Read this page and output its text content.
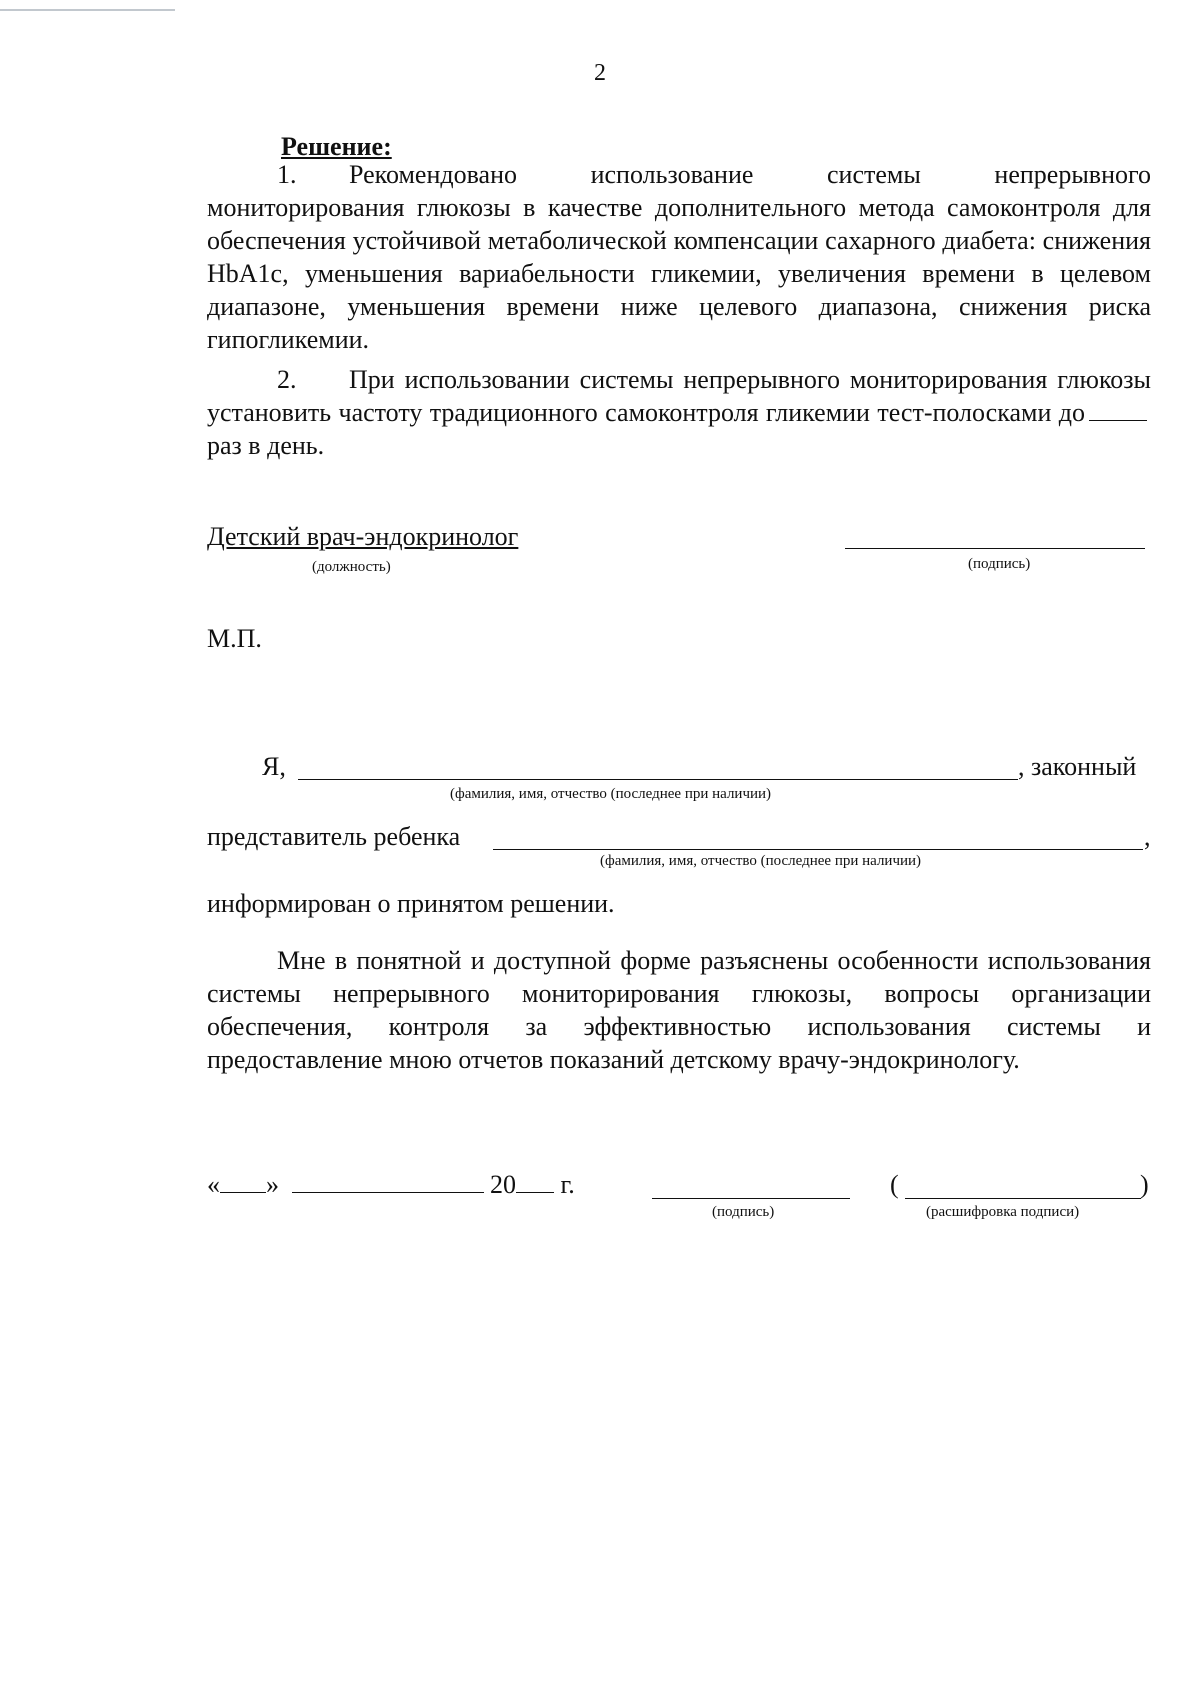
2
Решение:
1. Рекомендовано использование системы непрерывного мониторирования глюкозы в качестве дополнительного метода самоконтроля для обеспечения устойчивой метаболической компенсации сахарного диабета: снижения HbA1c, уменьшения вариабельности гликемии, увеличения времени в целевом диапазоне, уменьшения времени ниже целевого диапазона, снижения риска гипогликемии.
2. При использовании системы непрерывного мониторирования глюкозы установить частоту традиционного самоконтроля гликемии тест-полосками дораз в день.
Детский врач-эндокринолог
(должность)	(подпись)
М.П.
Я,	, законный
(фамилия, имя, отчество (последнее при наличии)
представитель ребенка	,
(фамилия, имя, отчество (последнее при наличии)
информирован о принятом решении.
Мне в понятной и доступной форме разъяснены особенности использования системы непрерывного мониторирования глюкозы, вопросы организации обеспечения, контроля за эффективностью использования системы и предоставление мною отчетов показаний детскому врачу-эндокринологу.
« »	20 г.
(подпись)
(	)
(расшифровка подписи)
